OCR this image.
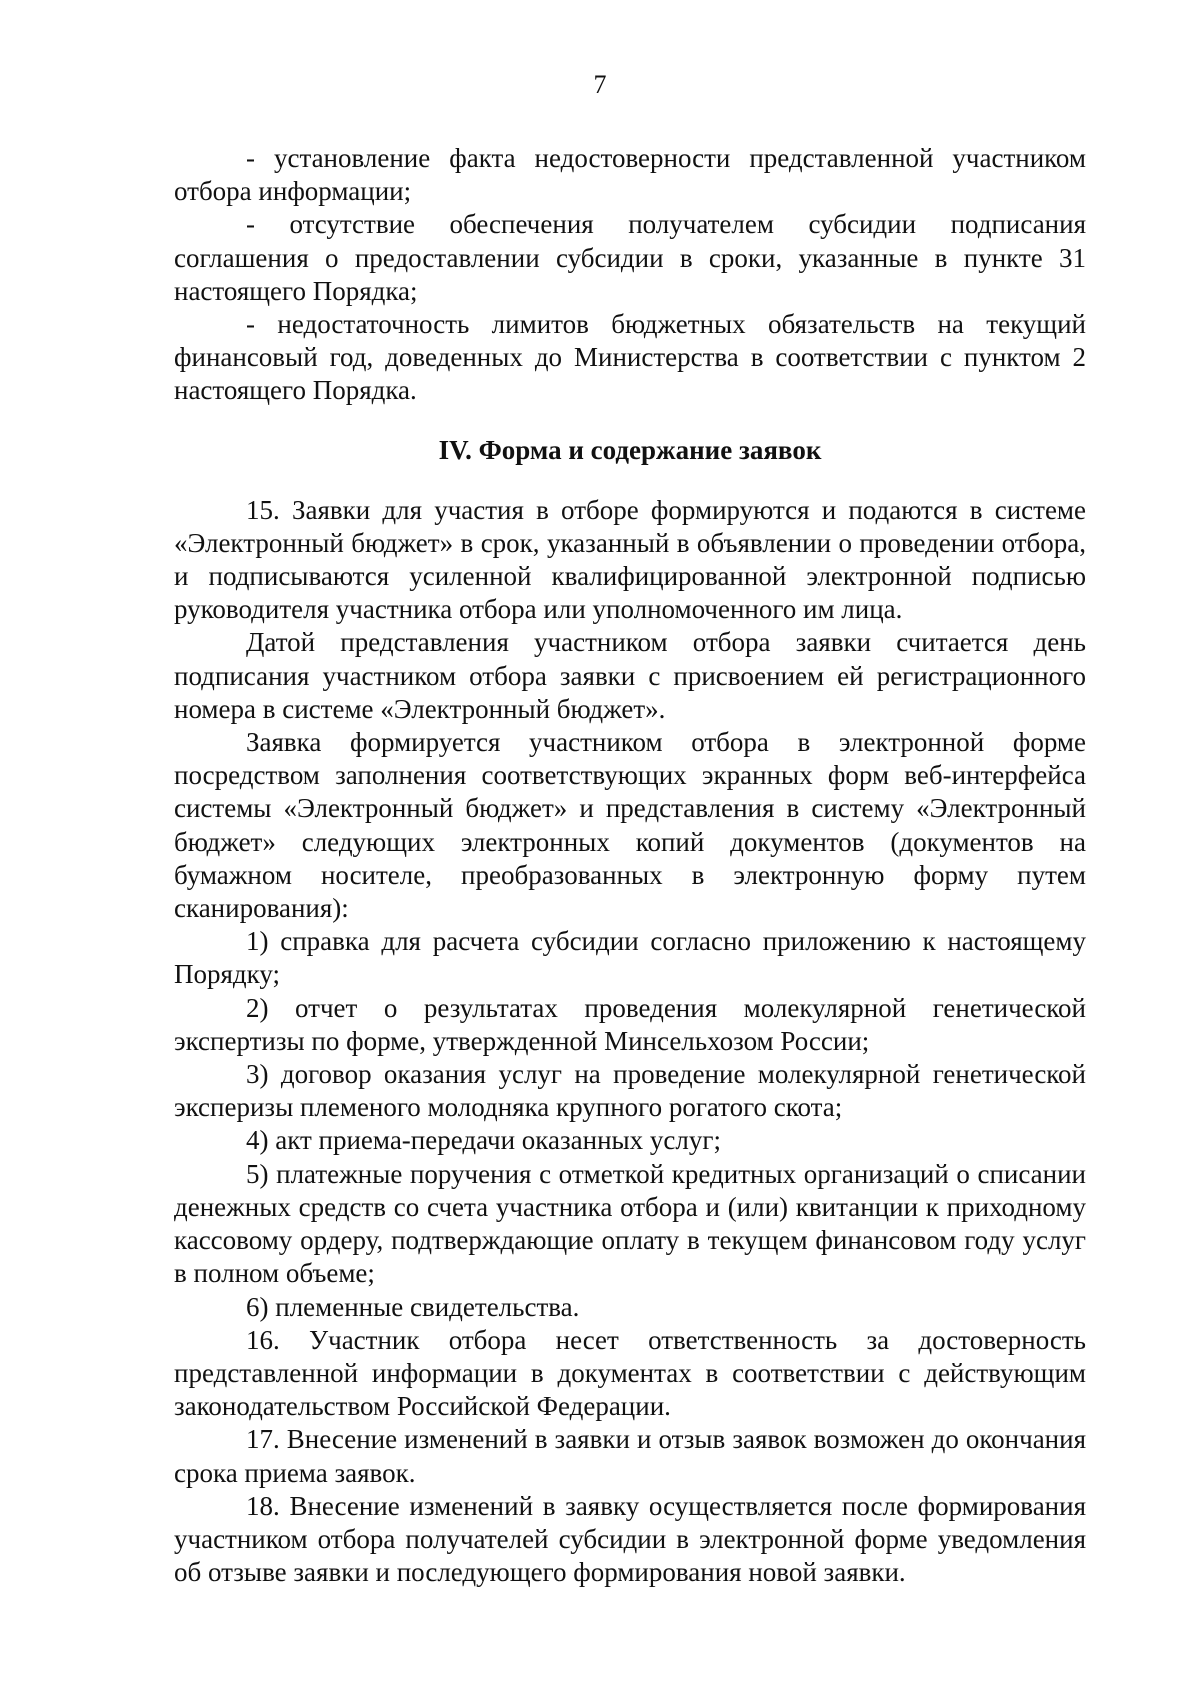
7

- установление факта недостоверности представленной участником отбора информации;

- отсутствие обеспечения получателем субсидии подписания соглашения о предоставлении субсидии в сроки, указанные в пункте 31 настоящего Порядка;

- недостаточность лимитов бюджетных обязательств на текущий финансовый год, доведенных до Министерства в соответствии с пунктом 2 настоящего Порядка.

IV. Форма и содержание заявок

15. Заявки для участия в отборе формируются и подаются в системе «Электронный бюджет» в срок, указанный в объявлении о проведении отбора, и подписываются усиленной квалифицированной электронной подписью руководителя участника отбора или уполномоченного им лица.

Датой представления участником отбора заявки считается день подписания участником отбора заявки с присвоением ей регистрационного номера в системе «Электронный бюджет».

Заявка формируется участником отбора в электронной форме посредством заполнения соответствующих экранных форм веб-интерфейса системы «Электронный бюджет» и представления в систему «Электронный бюджет» следующих электронных копий документов (документов на бумажном носителе, преобразованных в электронную форму путем сканирования):

1) справка для расчета субсидии согласно приложению к настоящему Порядку;

2) отчет о результатах проведения молекулярной генетической экспертизы по форме, утвержденной Минсельхозом России;

3) договор оказания услуг на проведение молекулярной генетической эксперизы племеного молодняка крупного рогатого скота;

4) акт приема-передачи оказанных услуг;

5) платежные поручения с отметкой кредитных организаций о списании денежных средств со счета участника отбора и (или) квитанции к приходному кассовому ордеру, подтверждающие оплату в текущем финансовом году услуг в полном объеме;

6) племенные свидетельства.

16. Участник отбора несет ответственность за достоверность представленной информации в документах в соответствии с действующим законодательством Российской Федерации.

17. Внесение изменений в заявки и отзыв заявок возможен до окончания срока приема заявок.

18. Внесение изменений в заявку осуществляется после формирования участником отбора получателей субсидии в электронной форме уведомления об отзыве заявки и последующего формирования новой заявки.
